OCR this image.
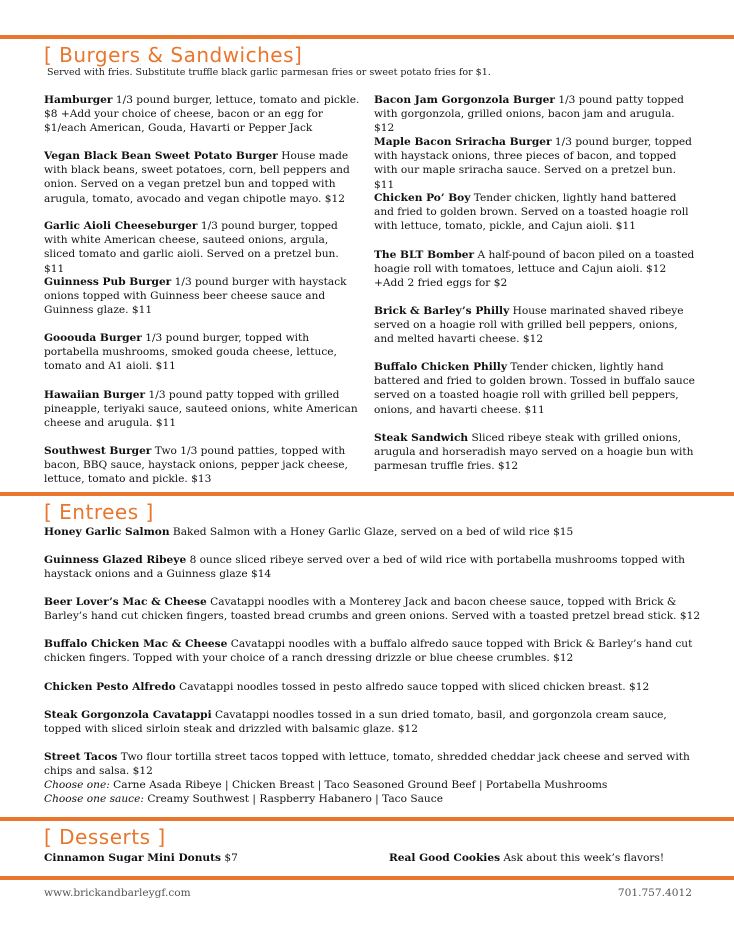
[ Burgers & Sandwiches]
Served with fries. Substitute truffle black garlic parmesan fries or sweet potato fries for $1.
Hamburger 1/3 pound burger, lettuce, tomato and pickle. $8 +Add your choice of cheese, bacon or an egg for $1/each American, Gouda, Havarti or Pepper Jack
Vegan Black Bean Sweet Potato Burger House made with black beans, sweet potatoes, corn, bell peppers and onion. Served on a vegan pretzel bun and topped with arugula, tomato, avocado and vegan chipotle mayo. $12
Garlic Aioli Cheeseburger 1/3 pound burger, topped with white American cheese, sauteed onions, argula, sliced tomato and garlic aioli. Served on a pretzel bun. $11
Guinness Pub Burger 1/3 pound burger with haystack onions topped with Guinness beer cheese sauce and Guinness glaze. $11
Gooouda Burger 1/3 pound burger, topped with portabella mushrooms, smoked gouda cheese, lettuce, tomato and A1 aioli. $11
Hawaiian Burger 1/3 pound patty topped with grilled pineapple, teriyaki sauce, sauteed onions, white American cheese and arugula. $11
Southwest Burger Two 1/3 pound patties, topped with bacon, BBQ sauce, haystack onions, pepper jack cheese, lettuce, tomato and pickle. $13
Bacon Jam Gorgonzola Burger 1/3 pound patty topped with gorgonzola, grilled onions, bacon jam and arugula. $12
Maple Bacon Sriracha Burger 1/3 pound burger, topped with haystack onions, three pieces of bacon, and topped with our maple sriracha sauce. Served on a pretzel bun. $11
Chicken Po’ Boy Tender chicken, lightly hand battered and fried to golden brown. Served on a toasted hoagie roll with lettuce, tomato, pickle, and Cajun aioli. $11
The BLT Bomber A half-pound of bacon piled on a toasted hoagie roll with tomatoes, lettuce and Cajun aioli. $12 +Add 2 fried eggs for $2
Brick & Barley’s Philly House marinated shaved ribeye served on a hoagie roll with grilled bell peppers, onions, and melted havarti cheese. $12
Buffalo Chicken Philly Tender chicken, lightly hand battered and fried to golden brown. Tossed in buffalo sauce served on a toasted hoagie roll with grilled bell peppers, onions, and havarti cheese. $11
Steak Sandwich Sliced ribeye steak with grilled onions, arugula and horseradish mayo served on a hoagie bun with parmesan truffle fries. $12
[ Entrees ]
Honey Garlic Salmon Baked Salmon with a Honey Garlic Glaze, served on a bed of wild rice $15
Guinness Glazed Ribeye 8 ounce sliced ribeye served over a bed of wild rice with portabella mushrooms topped with haystack onions and a Guinness glaze $14
Beer Lover’s Mac & Cheese Cavatappi noodles with a Monterey Jack and bacon cheese sauce, topped with Brick & Barley’s hand cut chicken fingers, toasted bread crumbs and green onions. Served with a toasted pretzel bread stick. $12
Buffalo Chicken Mac & Cheese Cavatappi noodles with a buffalo alfredo sauce topped with Brick & Barley’s hand cut chicken fingers. Topped with your choice of a ranch dressing drizzle or blue cheese crumbles. $12
Chicken Pesto Alfredo Cavatappi noodles tossed in pesto alfredo sauce topped with sliced chicken breast. $12
Steak Gorgonzola Cavatappi Cavatappi noodles tossed in a sun dried tomato, basil, and gorgonzola cream sauce, topped with sliced sirloin steak and drizzled with balsamic glaze. $12
Street Tacos Two flour tortilla street tacos topped with lettuce, tomato, shredded cheddar jack cheese and served with chips and salsa. $12
Choose one: Carne Asada Ribeye | Chicken Breast | Taco Seasoned Ground Beef | Portabella Mushrooms
Choose one sauce: Creamy Southwest | Raspberry Habanero | Taco Sauce
[ Desserts ]
Cinnamon Sugar Mini Donuts $7	Real Good Cookies Ask about this week’s flavors!
www.brickandbarleygf.com	701.757.4012
